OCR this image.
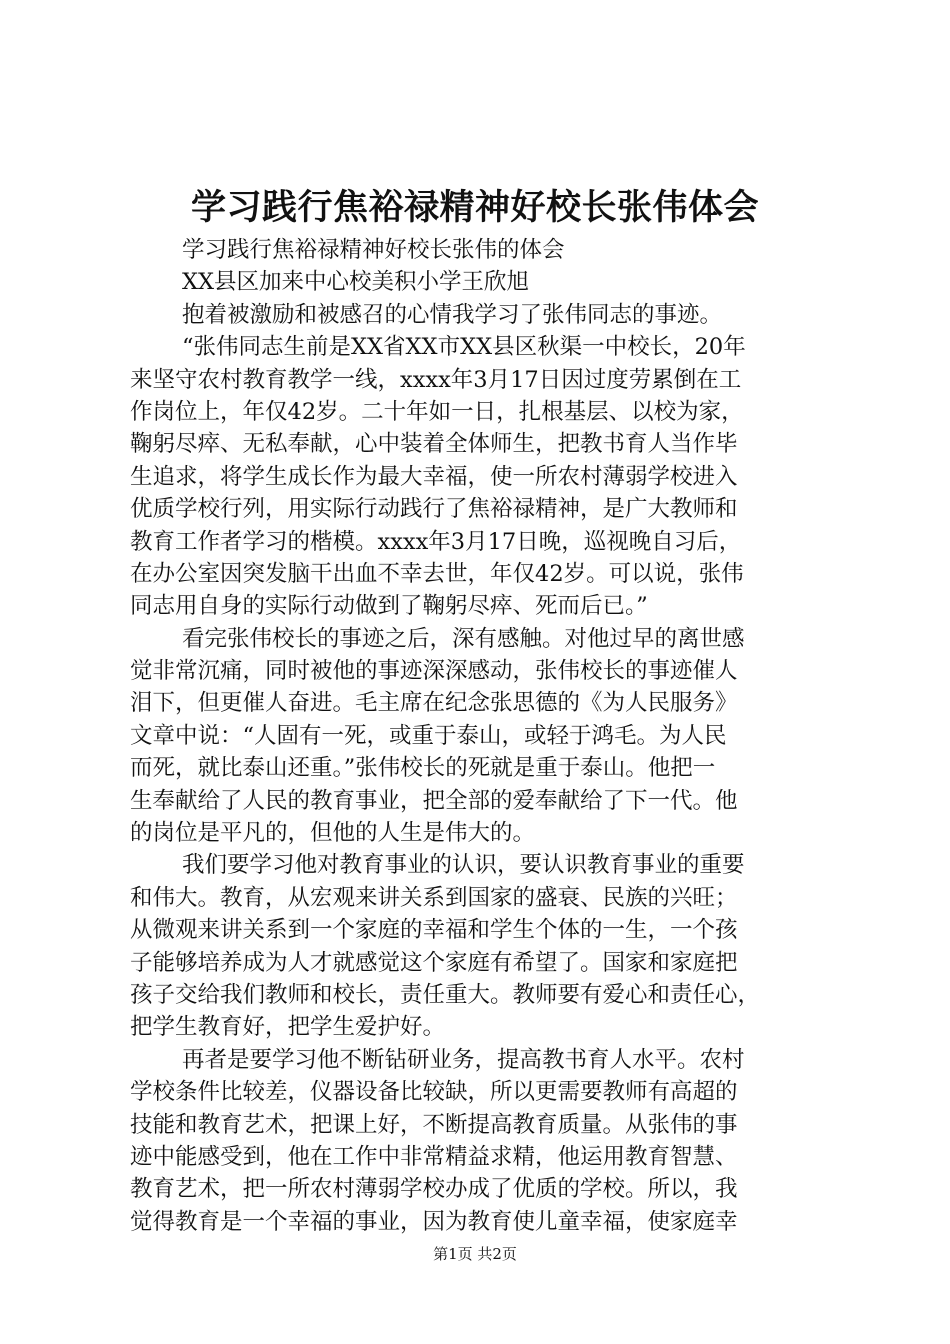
学习践行焦裕禄精神好校长张伟体会
学习践行焦裕禄精神好校长张伟的体会
XX县区加来中心校美积小学王欣旭
抱着被激励和被感召的心情我学习了张伟同志的事迹。
“张伟同志生前是XX省XX市XX县区秋渠一中校长，20年
来坚守农村教育教学一线，xxxx年3月17日因过度劳累倒在工
作岗位上，年仅42岁。二十年如一日，扎根基层、以校为家，
鞠躬尽瘁、无私奉献，心中装着全体师生，把教书育人当作毕
生追求，将学生成长作为最大幸福，使一所农村薄弱学校进入
优质学校行列，用实际行动践行了焦裕禄精神，是广大教师和
教育工作者学习的楷模。xxxx年3月17日晚，巡视晚自习后，
在办公室因突发脑干出血不幸去世，年仅42岁。可以说，张伟
同志用自身的实际行动做到了鞠躬尽瘁、死而后已。”
看完张伟校长的事迹之后，深有感触。对他过早的离世感
觉非常沉痛，同时被他的事迹深深感动，张伟校长的事迹催人
泪下，但更催人奋进。毛主席在纪念张思德的《为人民服务》
文章中说：“人固有一死，或重于泰山，或轻于鸿毛。为人民
而死，就比泰山还重。”张伟校长的死就是重于泰山。他把一
生奉献给了人民的教育事业，把全部的爱奉献给了下一代。他
的岗位是平凡的，但他的人生是伟大的。
我们要学习他对教育事业的认识，要认识教育事业的重要
和伟大。教育，从宏观来讲关系到国家的盛衰、民族的兴旺；
从微观来讲关系到一个家庭的幸福和学生个体的一生，一个孩
子能够培养成为人才就感觉这个家庭有希望了。国家和家庭把
孩子交给我们教师和校长，责任重大。教师要有爱心和责任心，
把学生教育好，把学生爱护好。
再者是要学习他不断钻研业务，提高教书育人水平。农村
学校条件比较差，仪器设备比较缺，所以更需要教师有高超的
技能和教育艺术，把课上好，不断提高教育质量。从张伟的事
迹中能感受到，他在工作中非常精益求精，他运用教育智慧、
教育艺术，把一所农村薄弱学校办成了优质的学校。所以，我
觉得教育是一个幸福的事业，因为教育使儿童幸福，使家庭幸
第1页 共2页
